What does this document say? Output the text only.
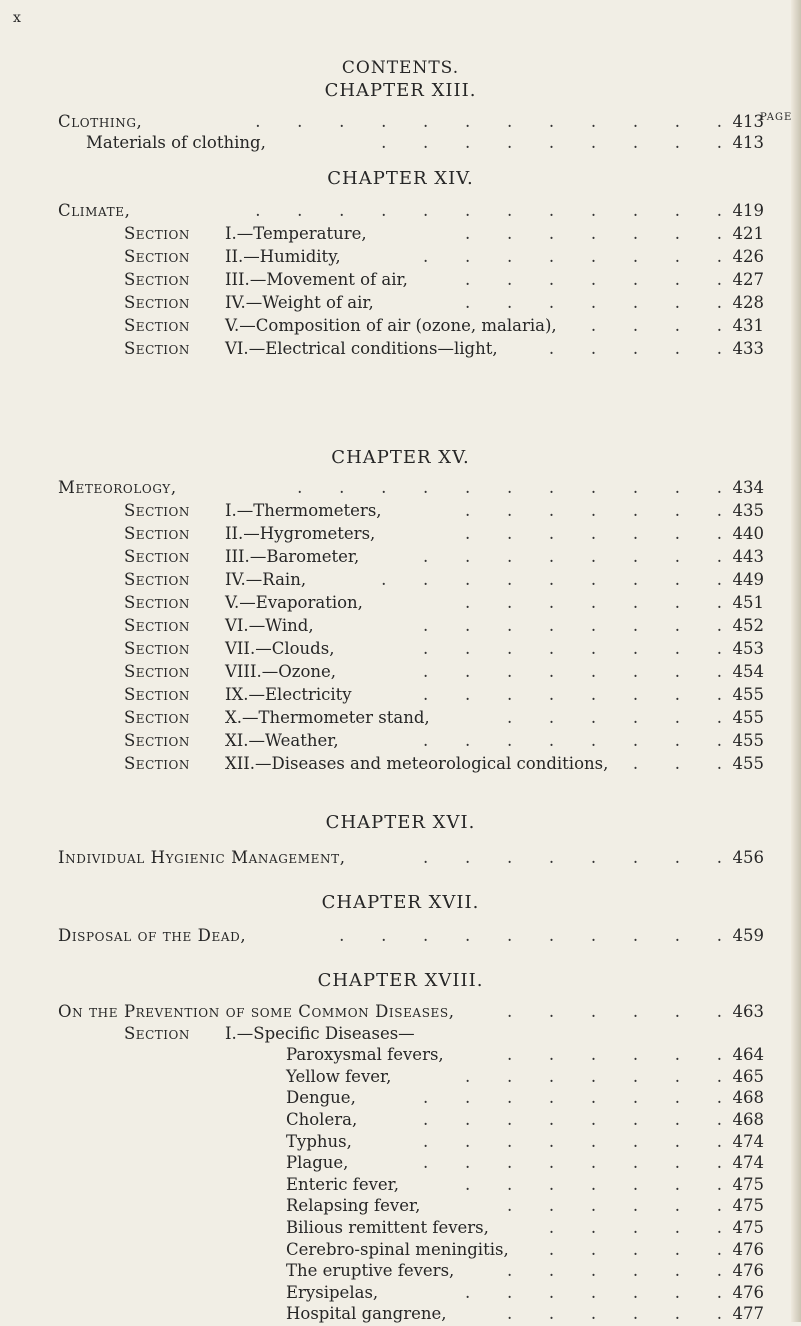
x
CONTENTS.
PAGE
CHAPTER XIII.
Clothing,	.       .       .       .       .       .       .       .       .       .       .       . 413
Materials of clothing,	.       .       .       .       .       .       .       .       . 413
CHAPTER XIV.
Climate,	.       .       .       .       .       .       .       .       .       .       .       . 419
Section I.—Temperature,	.       .       .       .       .       .       . 421
Section II.—Humidity,	.       .       .       .       .       .       .       . 426
Section III.—Movement of air,	.       .       .       .       .       .       . 427
Section IV.—Weight of air,	.       .       .       .       .       .       . 428
Section V.—Composition of air (ozone, malaria),	.       .       .       . 431
Section VI.—Electrical conditions—light,	.       .       .       .       . 433
CHAPTER XV.
Meteorology,	.       .       .       .       .       .       .       .       .       .       . 434
Section I.—Thermometers,	.       .       .       .       .       .       . 435
Section II.—Hygrometers,	.       .       .       .       .       .       . 440
Section III.—Barometer,	.       .       .       .       .       .       .       . 443
Section IV.—Rain,	.       .       .       .       .       .       .       .       . 449
Section V.—Evaporation,	.       .       .       .       .       .       . 451
Section VI.—Wind,	.       .       .       .       .       .       .       . 452
Section VII.—Clouds,	.       .       .       .       .       .       .       . 453
Section VIII.—Ozone,	.       .       .       .       .       .       .       . 454
Section IX.—Electricity	.       .       .       .       .       .       .       . 455
Section X.—Thermometer stand,	.       .       .       .       .       . 455
Section XI.—Weather,	.       .       .       .       .       .       .       . 455
Section XII.—Diseases and meteorological conditions,	.       .       . 455
CHAPTER XVI.
Individual Hygienic Management,	.       .       .       .       .       .       .       . 456
CHAPTER XVII.
Disposal of the Dead,	.       .       .       .       .       .       .       .       .       . 459
CHAPTER XVIII.
On the Prevention of some Common Diseases,	.       .       .       .       .       . 463
Section I.—Specific Diseases—
Paroxysmal fevers,	.       .       .       .       .       . 464
Yellow fever,	.       .       .       .       .       .       . 465
Dengue,	.       .       .       .       .       .       .       . 468
Cholera,	.       .       .       .       .       .       .       . 468
Typhus,	.       .       .       .       .       .       .       . 474
Plague,	.       .       .       .       .       .       .       . 474
Enteric fever,	.       .       .       .       .       .       . 475
Relapsing fever,	.       .       .       .       .       . 475
Bilious remittent fevers,	.       .       .       .       . 475
Cerebro-spinal meningitis,	.       .       .       .       . 476
The eruptive fevers,	.       .       .       .       .       . 476
Erysipelas,	.       .       .       .       .       .       . 476
Hospital gangrene,	.       .       .       .       .       . 477
